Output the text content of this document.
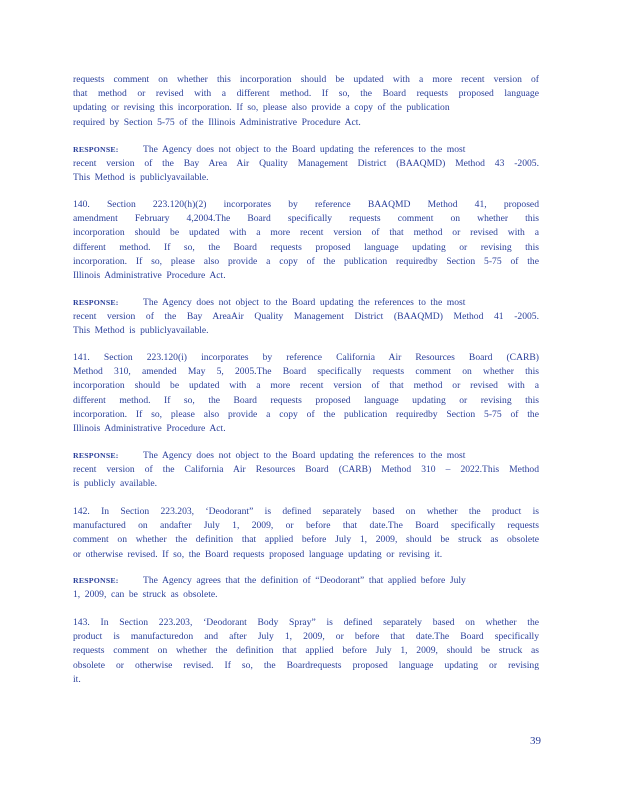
requests comment on whether this incorporation should be updated with a more recent version of
that method or revised with a different method. If so, the Board requests proposed language
updating or revising this incorporation. If so, please also provide a copy of the publication
required by Section 5-75 of the Illinois Administrative Procedure Act.
RESPONSE:	The Agency does not object to the Board updating the references to the most
recent version of the Bay Area Air Quality Management District (BAAQMD) Method 43 -2005.
This Method is publiclyavailable.
140. Section 223.120(h)(2) incorporates by reference BAAQMD Method 41, proposed
amendment February 4,2004.The Board specifically requests comment on whether this
incorporation should be updated with a more recent version of that method or revised with a
different method. If so, the Board requests proposed language updating or revising this
incorporation. If so, please also provide a copy of the publication requiredby Section 5-75 of the
Illinois Administrative Procedure Act.
RESPONSE:	The Agency does not object to the Board updating the references to the most
recent version of the Bay AreaAir Quality Management District (BAAQMD) Method 41 -2005.
This Method is publiclyavailable.
141. Section 223.120(i) incorporates by reference California Air Resources Board (CARB)
Method 310, amended May 5, 2005.The Board specifically requests comment on whether this
incorporation should be updated with a more recent version of that method or revised with a
different method. If so, the Board requests proposed language updating or revising this
incorporation. If so, please also provide a copy of the publication requiredby Section 5-75 of the
Illinois Administrative Procedure Act.
RESPONSE:	The Agency does not object to the Board updating the references to the most
recent version of the California Air Resources Board (CARB) Method 310 – 2022.This Method
is publicly available.
142. In Section 223.203, ‘Deodorant” is defined separately based on whether the product is
manufactured on andafter July 1, 2009, or before that date.The Board specifically requests
comment on whether the definition that applied before July 1, 2009, should be struck as obsolete
or otherwise revised. If so, the Board requests proposed language updating or revising it.
RESPONSE:	The Agency agrees that the definition of “Deodorant” that applied before July
1, 2009, can be struck as obsolete.
143. In Section 223.203, ‘Deodorant Body Spray” is defined separately based on whether the
product is manufacturedon and after July 1, 2009, or before that date.The Board specifically
requests comment on whether the definition that applied before July 1, 2009, should be struck as
obsolete or otherwise revised. If so, the Boardrequests proposed language updating or revising
it.
39
